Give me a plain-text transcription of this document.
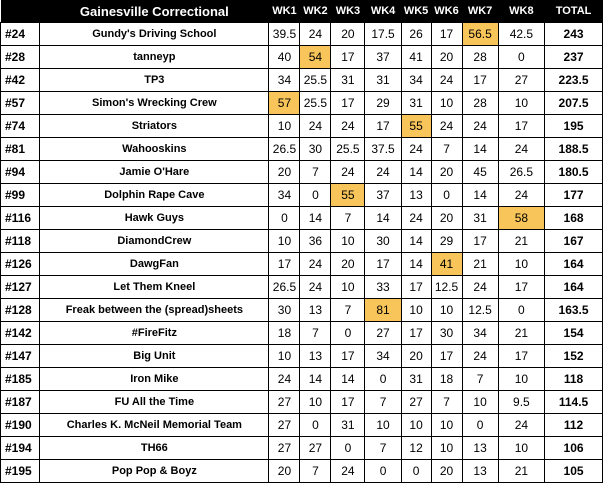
	Gainesville Correctional	WK1	WK2	WK3	WK4	WK5	WK6	WK7	WK8	TOTAL
#24	Gundy's Driving School	39.5	24	20	17.5	26	17	56.5	42.5	243
#28	tanneyp	40	54	17	37	41	20	28	0	237
#42	TP3	34	25.5	31	31	34	24	17	27	223.5
#57	Simon's Wrecking Crew	57	25.5	17	29	31	10	28	10	207.5
#74	Striators	10	24	24	17	55	24	24	17	195
#81	Wahooskins	26.5	30	25.5	37.5	24	7	14	24	188.5
#94	Jamie O'Hare	20	7	24	24	14	20	45	26.5	180.5
#99	Dolphin Rape Cave	34	0	55	37	13	0	14	24	177
#116	Hawk Guys	0	14	7	14	24	20	31	58	168
#118	DiamondCrew	10	36	10	30	14	29	17	21	167
#126	DawgFan	17	24	20	17	14	41	21	10	164
#127	Let Them Kneel	26.5	24	10	33	17	12.5	24	17	164
#128	Freak between the (spread)sheets	30	13	7	81	10	10	12.5	0	163.5
#142	#FireFitz	18	7	0	27	17	30	34	21	154
#147	Big Unit	10	13	17	34	20	17	24	17	152
#185	Iron Mike	24	14	14	0	31	18	7	10	118
#187	FU All the Time	27	10	17	7	27	7	10	9.5	114.5
#190	Charles K. McNeil Memorial Team	27	0	31	10	10	10	0	24	112
#194	TH66	27	27	0	7	12	10	13	10	106
#195	Pop Pop & Boyz	20	7	24	0	0	20	13	21	105
